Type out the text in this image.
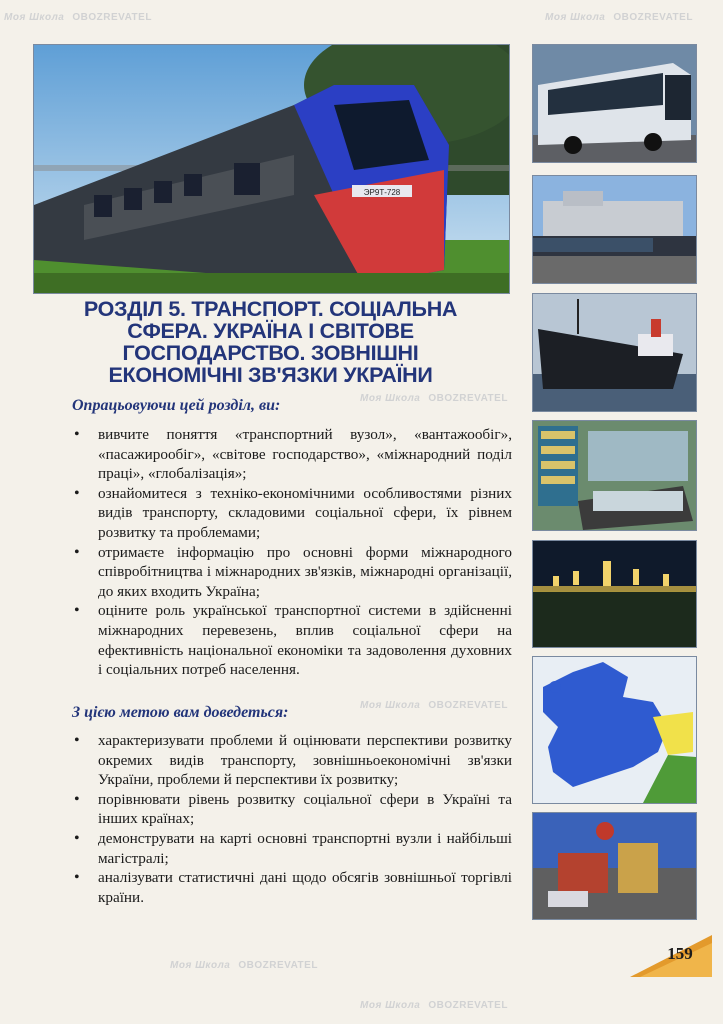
Моя Школа OBOZREVATEL	Моя Школа OBOZREVATEL
Моя Школа OBOZREVATEL
Моя Школа OBOZREVATEL
Моя Школа OBOZREVATEL
Моя Школа OBOZREVATEL
ЭР9Т-728
РОЗДІЛ 5. ТРАНСПОРТ. СОЦІАЛЬНА
СФЕРА. УКРАЇНА І СВІТОВЕ
ГОСПОДАРСТВО. ЗОВНІШНІ
ЕКОНОМІЧНІ ЗВ'ЯЗКИ УКРАЇНИ
Опрацьовуючи цей розділ, ви:
• вивчите поняття «транспортний вузол», «вантажообіг», «пасажирообіг», «світове господарство», «міжнародний поділ праці», «глобалізація»;
• ознайомитеся з техніко-економічними особливостями різних видів транспорту, складовими соціальної сфери, їх рівнем розвитку та проблемами;
• отримаєте інформацію про основні форми міжнародного співробітництва і міжнародних зв'язків, міжнародні організації, до яких входить Україна;
• оціните роль української транспортної системи в здійсненні міжнародних перевезень, вплив соціальної сфери на ефективність національної економіки та задоволення духовних і соціальних потреб населення.
З цією метою вам доведеться:
• характеризувати проблеми й оцінювати перспективи розвитку окремих видів транспорту, зовнішньоекономічні зв'язки України, проблеми й перспективи їх розвитку;
• порівнювати рівень розвитку соціальної сфери в Україні та інших країнах;
• демонструвати на карті основні транспортні вузли і найбільші магістралі;
• аналізувати статистичні дані щодо обсягів зовнішньої торгівлі країни.
159
